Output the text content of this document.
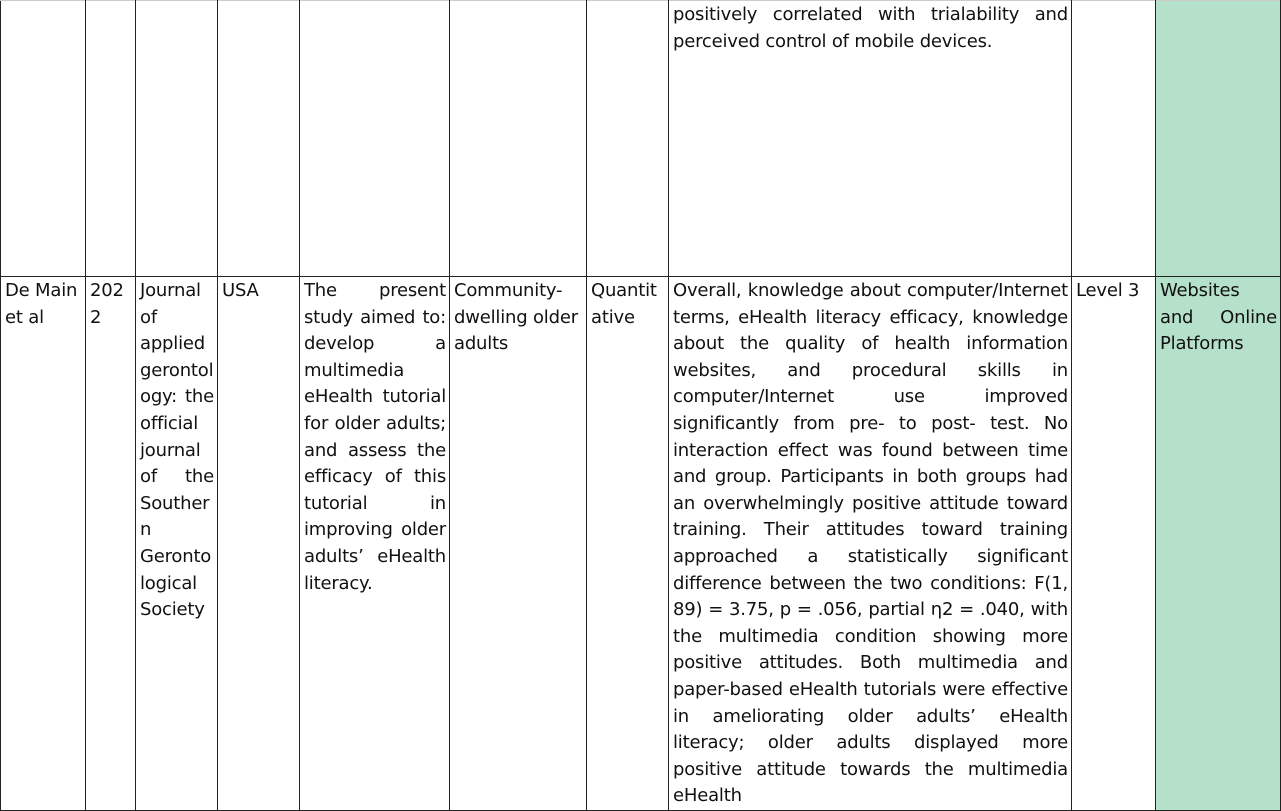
							positively correlated with trialability and perceived control of mobile devices.		
De Main et al	2022	Journal of applied gerontology: the official journal of the Southern Gerontological Society	USA	The present study aimed to: develop a multimedia eHealth tutorial for older adults; and assess the efficacy of this tutorial in improving older adults’ eHealth literacy.	Community-dwelling older adults	Quantitative	Overall, knowledge about computer/Internet terms, eHealth literacy efficacy, knowledge about the quality of health information websites, and procedural skills in computer/Internet use improved significantly from pre- to post- test. No interaction effect was found between time and group. Participants in both groups had an overwhelmingly positive attitude toward training. Their attitudes toward training approached a statistically significant difference between the two conditions: F(1, 89) = 3.75, p = .056, partial η2 = .040, with the multimedia condition showing more positive attitudes. Both multimedia and paper-based eHealth tutorials were effective in ameliorating older adults’ eHealth literacy; older adults displayed more positive attitude towards the multimedia eHealth	Level 3	Websites and Online Platforms
